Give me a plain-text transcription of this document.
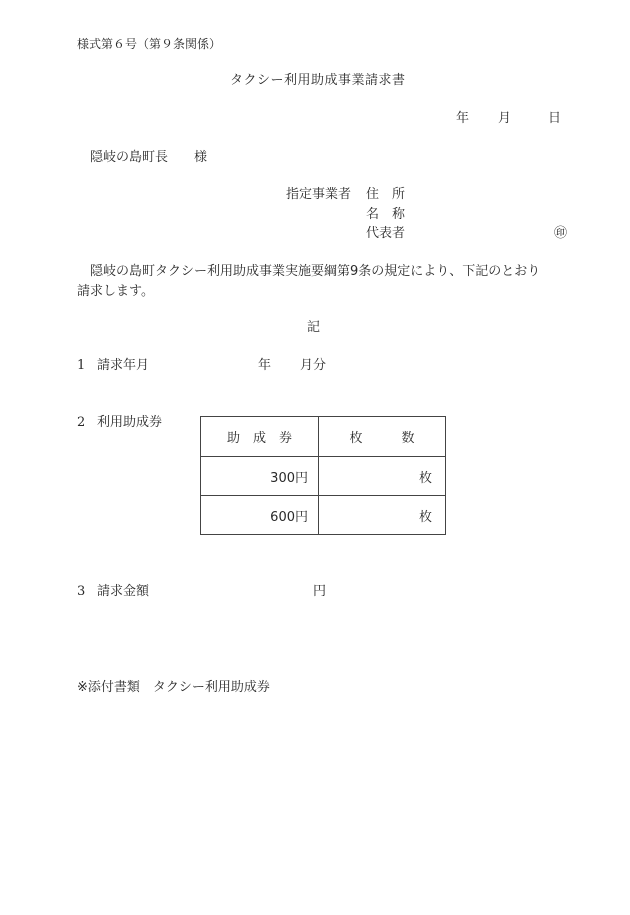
様式第６号（第９条関係）
タクシー利用助成事業請求書
年 月	日
隠岐の島町長　　様
指定事業者 住　所
名　称
代表者	㊞
隠岐の島町タクシー利用助成事業実施要綱第9条の規定により、下記のとおり
請求します。
記
1 請求年月	年 月分
2 利用助成券
助　成　券	枚　　　数
300円	枚
600円	枚
3 請求金額	円
※添付書類　タクシー利用助成券
